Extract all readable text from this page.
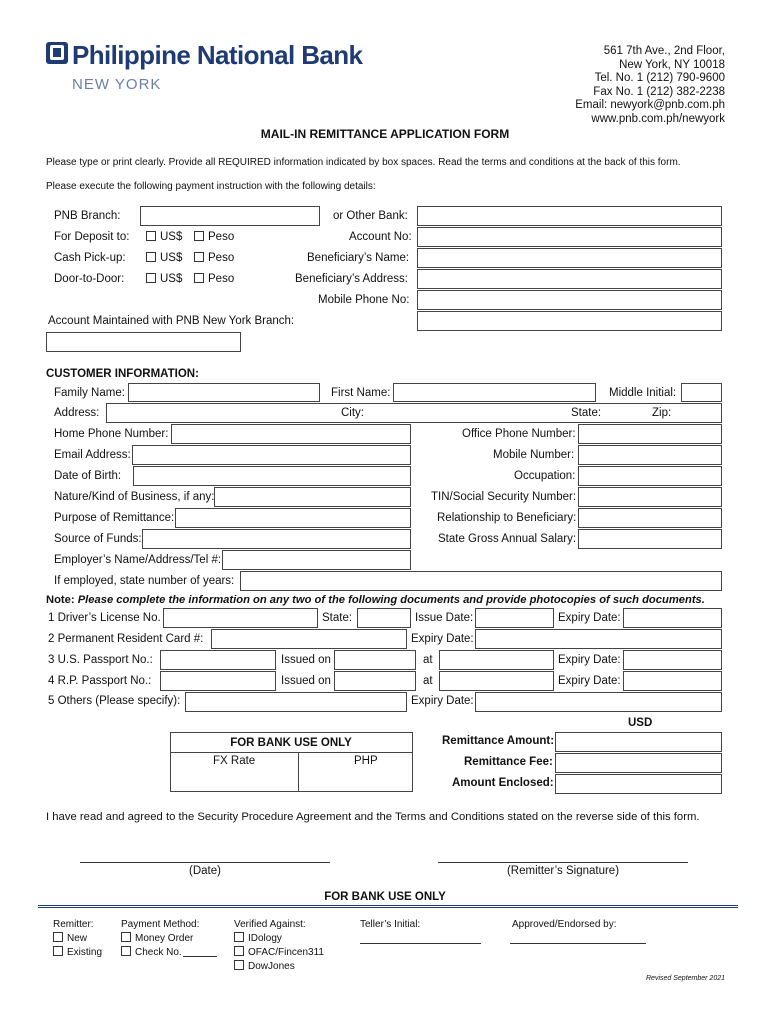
Philippine National Bank
NEW YORK
561 7th Ave., 2nd Floor,
New York, NY 10018
Tel. No. 1 (212) 790-9600
Fax No. 1 (212) 382-2238
Email: newyork@pnb.com.ph
www.pnb.com.ph/newyork
MAIL-IN REMITTANCE APPLICATION FORM
Please type or print clearly. Provide all REQUIRED information indicated by box spaces. Read the terms and conditions at the back of this form.
Please execute the following payment instruction with the following details:
PNB Branch:	or Other Bank:
For Deposit to:	US$	Peso	Account No:
Cash Pick-up:	US$	Peso	Beneficiary’s Name:
Door-to-Door:	US$	Peso	Beneficiary’s Address:
Mobile Phone No:
Account Maintained with PNB New York Branch:
CUSTOMER INFORMATION:
Family Name:	First Name:	Middle Initial:
Address:	City:	State:	Zip:
Home Phone Number:	Office Phone Number:
Email Address:	Mobile Number:
Date of Birth:	Occupation:
Nature/Kind of Business, if any:	TIN/Social Security Number:
Purpose of Remittance:	Relationship to Beneficiary:
Source of Funds:	State Gross Annual Salary:
Employer’s Name/Address/Tel #:
If employed, state number of years:
Note: Please complete the information on any two of the following documents and provide photocopies of such documents.
1 Driver’s License No.	State:	Issue Date:	Expiry Date:
2 Permanent Resident Card #:	Expiry Date:
3 U.S. Passport No.:	Issued on	at	Expiry Date:
4 R.P. Passport No.:	Issued on	at	Expiry Date:
5 Others (Please specify):	Expiry Date:
USD
FOR BANK USE ONLY
FX Rate	PHP
Remittance Amount:
Remittance Fee:
Amount Enclosed:
I have read and agreed to the Security Procedure Agreement and the Terms and Conditions stated on the reverse side of this form.
(Date)	(Remitter’s Signature)
FOR BANK USE ONLY
Remitter:
New
Existing
Payment Method:
Money Order
Check No.
Verified Against:
IDology
OFAC/Fincen311
DowJones
Teller’s Initial:	Approved/Endorsed by:
Revised September 2021
